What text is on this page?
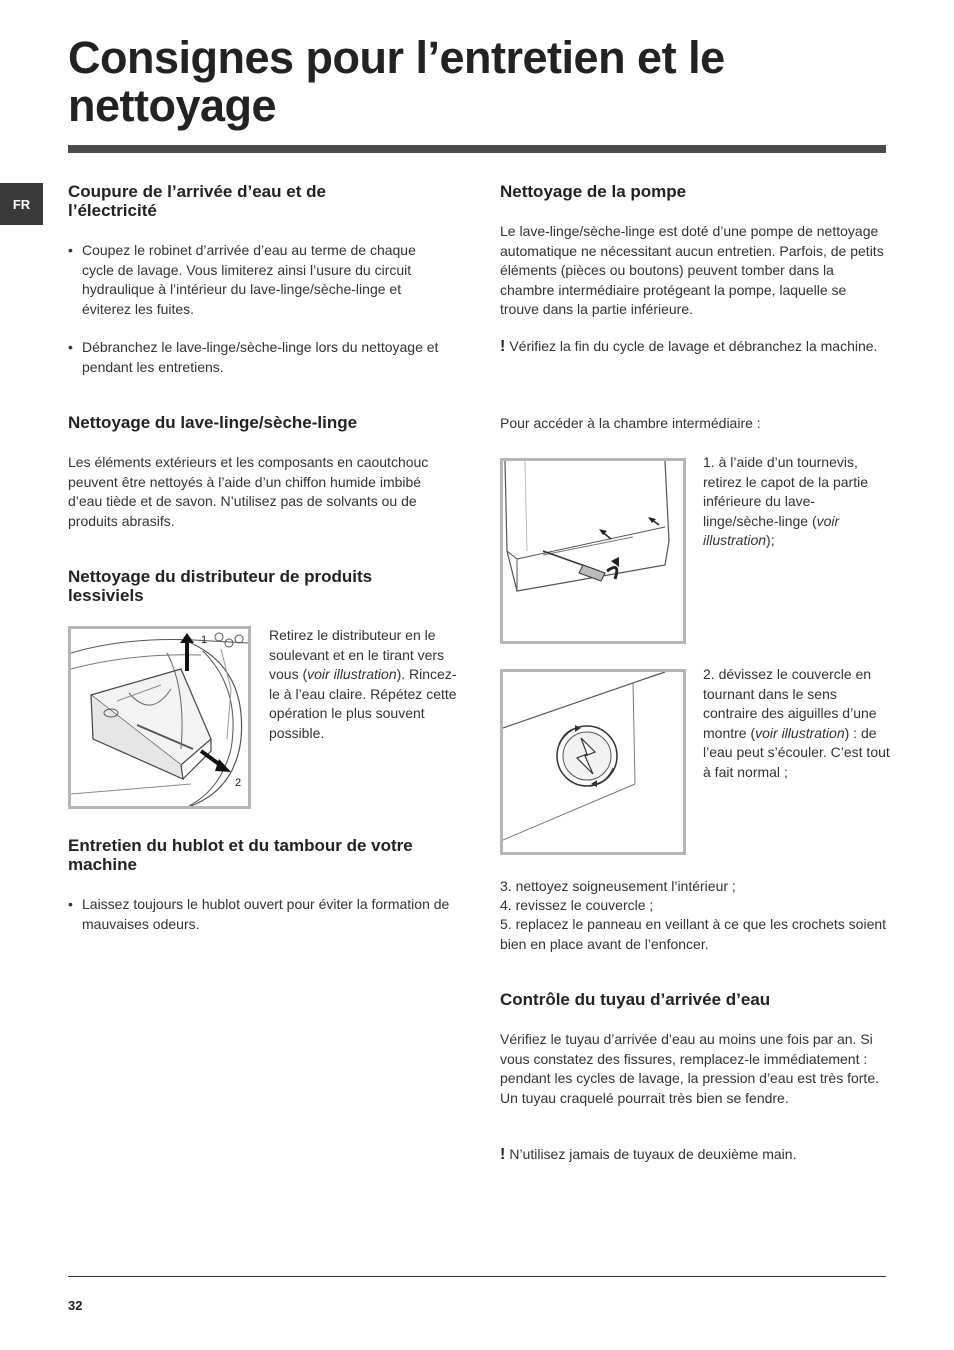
Consignes pour l’entretien et le nettoyage
FR
Coupure de l’arrivée d’eau et de l’électricité
• Coupez le robinet d’arrivée d’eau au terme de chaque cycle de lavage. Vous limiterez ainsi l’usure du circuit hydraulique à l’intérieur du lave-linge/sèche-linge et éviterez les fuites.
• Débranchez le lave-linge/sèche-linge lors du nettoyage et pendant les entretiens.
Nettoyage du lave-linge/sèche-linge

Les éléments extérieurs et les composants en caoutchouc peuvent être nettoyés à l’aide d’un chiffon humide imbibé d’eau tiède et de savon. N’utilisez pas de solvants ou de produits abrasifs.

Nettoyage du distributeur de produits lessiviels
1
2

Retirez le distributeur en le soulevant et en le tirant vers vous (voir illustration). Rincez-le à l’eau claire. Répétez cette opération le plus souvent possible.

Entretien du hublot et du tambour de votre machine
• Laissez toujours le hublot ouvert pour éviter la formation de mauvaises odeurs.
Nettoyage de la pompe

Le lave-linge/sèche-linge est doté d’une pompe de nettoyage automatique ne nécessitant aucun entretien. Parfois, de petits éléments (pièces ou boutons) peuvent tomber dans la chambre intermédiaire protégeant la pompe, laquelle se trouve dans la partie inférieure.

! Vérifiez la fin du cycle de lavage et débranchez la machine.

Pour accéder à la chambre intermédiaire :

1. à l’aide d’un tournevis, retirez le capot de la partie inférieure du lave-linge/sèche-linge (voir illustration);

2. dévissez le couvercle en tournant dans le sens contraire des aiguilles d’une montre (voir illustration) : de l’eau peut s’écouler. C’est tout à fait normal ;

3. nettoyez soigneusement l’intérieur ;

4. revissez le couvercle ;

5. replacez le panneau en veillant à ce que les crochets soient bien en place avant de l’enfoncer.

Contrôle du tuyau d’arrivée d’eau

Vérifiez le tuyau d’arrivée d’eau au moins une fois par an. Si vous constatez des fissures, remplacez-le immédiatement : pendant les cycles de lavage, la pression d’eau est très forte. Un tuyau craquelé pourrait très bien se fendre.

! N’utilisez jamais de tuyaux de deuxième main.

32
